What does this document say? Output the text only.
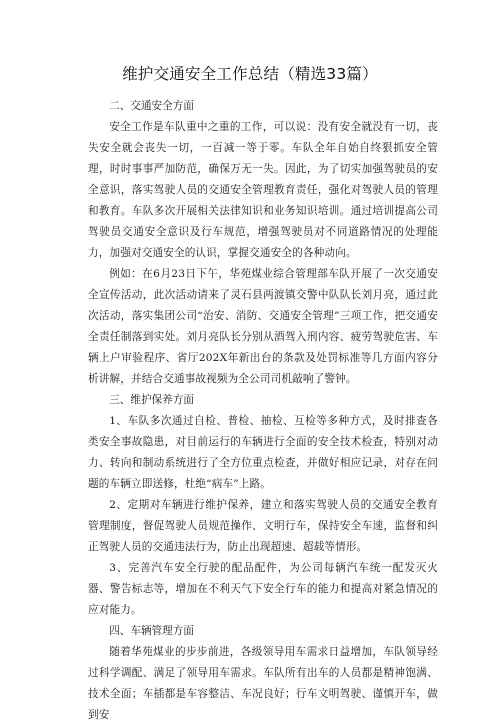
维护交通安全工作总结（精选33篇）

二、交通安全方面

安全工作是车队重中之重的工作，可以说：没有安全就没有一切，丧失安全就会丧失一切，一百减一等于零。车队全年自始自终狠抓安全管理，时时事事严加防范，确保万无一失。因此，为了切实加强驾驶员的安全意识，落实驾驶人员的交通安全管理教育责任，强化对驾驶人员的管理和教育。车队多次开展相关法律知识和业务知识培训。通过培训提高公司驾驶员交通安全意识及行车规范，增强驾驶员对不同道路情况的处理能力，加强对交通安全的认识，掌握交通安全的各种动向。

例如：在6月23日下午，华苑煤业综合管理部车队开展了一次交通安全宣传活动，此次活动请来了灵石县两渡镇交警中队队长刘月亮，通过此次活动，落实集团公司“治安、消防、交通安全管理”三项工作，把交通安全责任制落到实处。刘月亮队长分别从酒驾入刑内容、疲劳驾驶危害、车辆上户审验程序、省厅202X年新出台的条款及处罚标准等几方面内容分析讲解，并结合交通事故视频为全公司司机敲响了警钟。

三、维护保养方面

1、车队多次通过自检、普检、抽检、互检等多种方式，及时排查各类安全事故隐患，对目前运行的车辆进行全面的安全技术检查，特别对动力、转向和制动系统进行了全方位重点检查，并做好相应记录，对存在问题的车辆立即送修，杜绝“病车”上路。

2、定期对车辆进行维护保养，建立和落实驾驶人员的交通安全教育管理制度，督促驾驶人员规范操作、文明行车，保持安全车速，监督和纠正驾驶人员的交通违法行为，防止出现超速、超载等情形。

3、完善汽车安全行驶的配品配件，为公司每辆汽车统一配发灭火器、警告标志等，增加在不利天气下安全行车的能力和提高对紧急情况的应对能力。

四、车辆管理方面

随着华苑煤业的步步前进，各级领导用车需求日益增加，车队领导经过科学调配、满足了领导用车需求。车队所有出车的人员都是精神饱满、技术全面；车插都是车容整洁、车况良好；行车文明驾驶、谨慎开车，做到安
